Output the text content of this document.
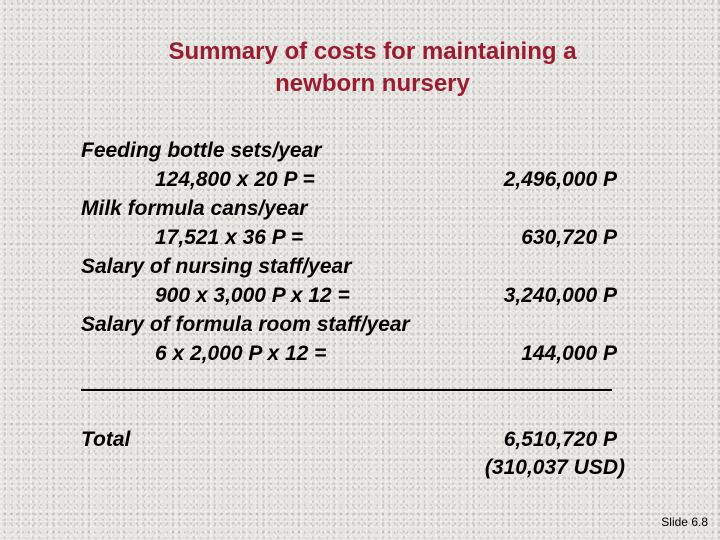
Summary of costs for maintaining a
newborn nursery
Feeding bottle sets/year
124,800 x 20 P =	2,496,000 P
Milk formula cans/year
17,521 x 36 P =	630,720 P
Salary of nursing staff/year
900 x 3,000 P x 12 =	3,240,000 P
Salary of formula room staff/year
6 x 2,000 P x 12 =	144,000 P
Total	6,510,720 P
(310,037 USD)
Slide 6.8
